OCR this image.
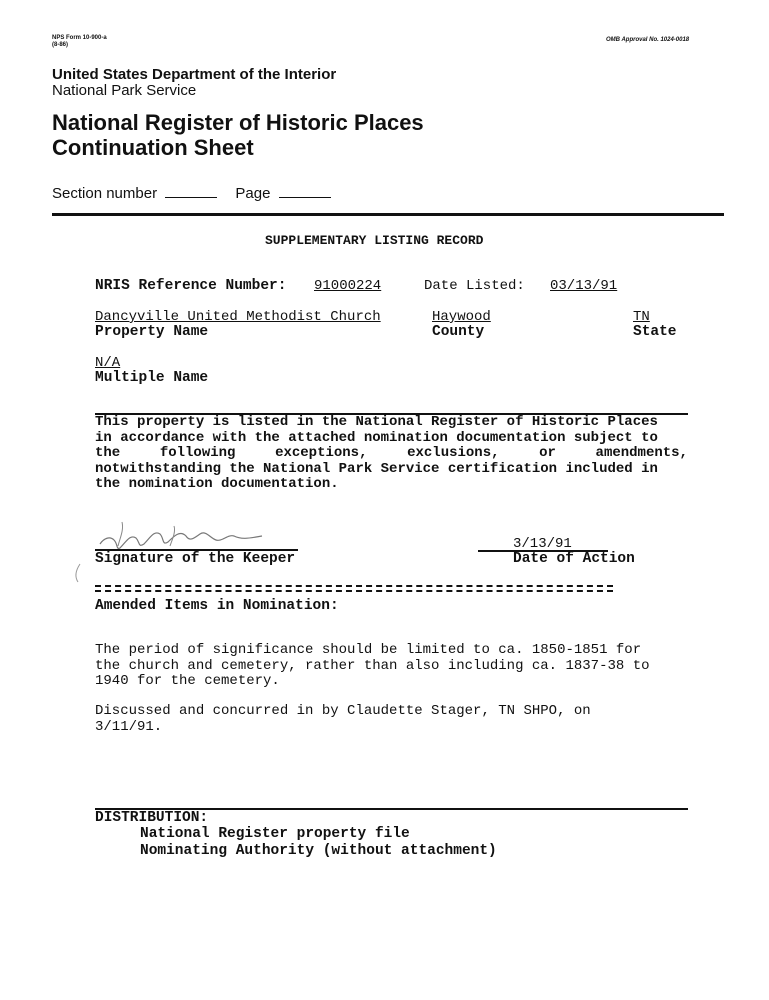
NPS Form 10-900-a
(8-86)
OMB Approval No. 1024-0018
United States Department of the Interior
National Park Service
National Register of Historic Places
Continuation Sheet
Section number	Page
SUPPLEMENTARY LISTING RECORD
NRIS Reference Number: 91000224	Date Listed: 03/13/91
Dancyville United Methodist Church
Property Name
Haywood
County
TN
State
N/A
Multiple Name
This property is listed in the National Register of Historic Places
in accordance with the attached nomination documentation subject to
the	following	exceptions,	exclusions,	or	amendments,
notwithstanding the National Park Service certification included in
the nomination documentation.
Signature of the Keeper
3/13/91
Date of Action
Amended Items in Nomination:
The period of significance should be limited to ca. 1850-1851 for
the church and cemetery, rather than also including ca. 1837-38 to
1940 for the cemetery.
Discussed and concurred in by Claudette Stager, TN SHPO, on
3/11/91.
DISTRIBUTION:
National Register property file
Nominating Authority (without attachment)
